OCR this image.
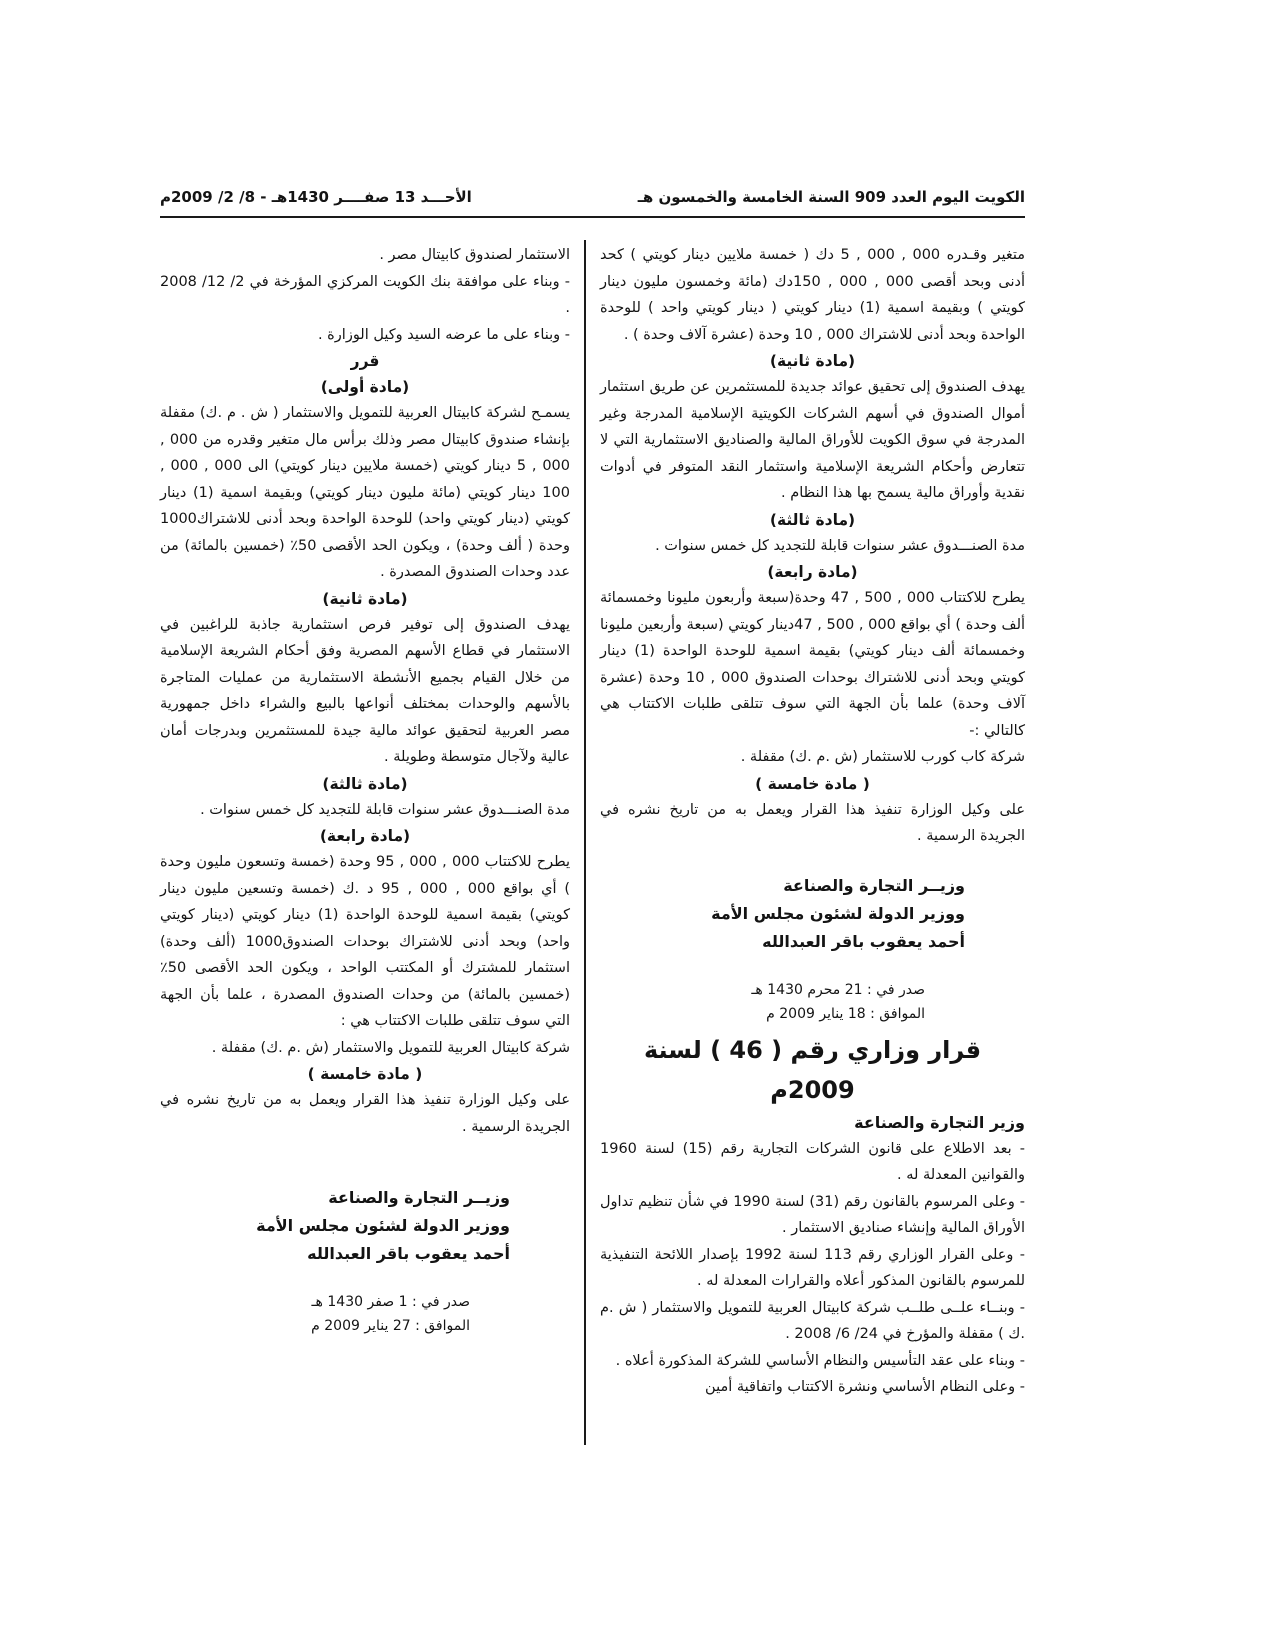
الكويت اليوم العدد 909 السنة الخامسة والخمسون هـ
الأحـــد 13 صفــــر 1430هـ - 8/ 2/ 2009م

متغير وقـدره 000 , 000 , 5 دك ( خمسة ملايين دينار كويتي ) كحد أدنى وبحد أقصى 000 , 000 , 150دك (مائة وخمسون مليون دينار كويتي ) وبقيمة اسمية (1) دينار كويتي ( دينار كويتي واحد ) للوحدة الواحدة وبحد أدنى للاشتراك 000 , 10 وحدة (عشرة آلاف وحدة ) .

(مادة ثانية)

يهدف الصندوق إلى تحقيق عوائد جديدة للمستثمرين عن طريق استثمار أموال الصندوق في أسهم الشركات الكويتية الإسلامية المدرجة وغير المدرجة في سوق الكويت للأوراق المالية والصناديق الاستثمارية التي لا تتعارض وأحكام الشريعة الإسلامية واستثمار النقد المتوفر في أدوات نقدية وأوراق مالية يسمح بها هذا النظام .

(مادة ثالثة)

مدة الصنـــدوق عشر سنوات قابلة للتجديد كل خمس سنوات .

(مادة رابعة)

يطرح للاكتتاب 000 , 500 , 47 وحدة(سبعة وأربعون مليونا وخمسمائة ألف وحدة ) أي بواقع 000 , 500 , 47دينار كويتي (سبعة وأربعين مليونا وخمسمائة ألف دينار كويتي) بقيمة اسمية للوحدة الواحدة (1) دينار كويتي وبحد أدنى للاشتراك بوحدات الصندوق 000 , 10 وحدة (عشرة آلاف وحدة) علما بأن الجهة التي سوف تتلقى طلبات الاكتتاب هي كالتالي :-

شركة كاب كورب للاستثمار (ش .م .ك) مقفلة .

( مادة خامسة )

على وكيل الوزارة تنفيذ هذا القرار ويعمل به من تاريخ نشره في الجريدة الرسمية .

وزيــر التجارة والصناعة

ووزير الدولة لشئون مجلس الأمة

أحمد يعقوب باقر العبدالله

صدر في : 21 محرم 1430 هـ

الموافق : 18 يناير 2009 م

قرار وزاري رقم ( 46 ) لسنة 2009م

وزير التجارة والصناعة

- بعد الاطلاع على قانون الشركات التجارية رقم (15) لسنة 1960 والقوانين المعدلة له .

- وعلى المرسوم بالقانون رقم (31) لسنة 1990 في شأن تنظيم تداول الأوراق المالية وإنشاء صناديق الاستثمار .

- وعلى القرار الوزاري رقم 113 لسنة 1992 بإصدار اللائحة التنفيذية للمرسوم بالقانون المذكور أعلاه والقرارات المعدلة له .

- وبنــاء علــى طلــب شركة كابيتال العربية للتمويل والاستثمار ( ش .م .ك ) مقفلة والمؤرخ في 24/ 6/ 2008 .

- وبناء على عقد التأسيس والنظام الأساسي للشركة المذكورة أعلاه .

- وعلى النظام الأساسي ونشرة الاكتتاب واتفاقية أمين

الاستثمار لصندوق كابيتال مصر .

- وبناء على موافقة بنك الكويت المركزي المؤرخة في 2/ 12/ 2008 .

- وبناء على ما عرضه السيد وكيل الوزارة .

قرر

(مادة أولى)

يسمـح لشركة كابيتال العربية للتمويل والاستثمار ( ش . م .ك) مقفلة بإنشاء صندوق كابيتال مصر وذلك برأس مال متغير وقدره من 000 , 000 , 5 دينار كويتي (خمسة ملايين دينار كويتي) الى 000 , 000 , 100 دينار كويتي (مائة مليون دينار كويتي) وبقيمة اسمية (1) دينار كويتي (دينار كويتي واحد) للوحدة الواحدة وبحد أدنى للاشتراك1000 وحدة ( ألف وحدة) ، ويكون الحد الأقصى 50٪ (خمسين بالمائة) من عدد وحدات الصندوق المصدرة .

(مادة ثانية)

يهدف الصندوق إلى توفير فرص استثمارية جاذبة للراغبين في الاستثمار في قطاع الأسهم المصرية وفق أحكام الشريعة الإسلامية من خلال القيام بجميع الأنشطة الاستثمارية من عمليات المتاجرة بالأسهم والوحدات بمختلف أنواعها بالبيع والشراء داخل جمهورية مصر العربية لتحقيق عوائد مالية جيدة للمستثمرين وبدرجات أمان عالية ولآجال متوسطة وطويلة .

(مادة ثالثة)

مدة الصنـــدوق عشر سنوات قابلة للتجديد كل خمس سنوات .

(مادة رابعة)

يطرح للاكتتاب 000 , 000 , 95 وحدة (خمسة وتسعون مليون وحدة ) أي بواقع 000 , 000 , 95 د .ك (خمسة وتسعين مليون دينار كويتي) بقيمة اسمية للوحدة الواحدة (1) دينار كويتي (دينار كويتي واحد) وبحد أدنى للاشتراك بوحدات الصندوق1000 (ألف وحدة) استثمار للمشترك أو المكتتب الواحد ، ويكون الحد الأقصى 50٪ (خمسين بالمائة) من وحدات الصندوق المصدرة ، علما بأن الجهة التي سوف تتلقى طلبات الاكتتاب هي :

شركة كابيتال العربية للتمويل والاستثمار (ش .م .ك) مقفلة .

( مادة خامسة )

على وكيل الوزارة تنفيذ هذا القرار ويعمل به من تاريخ نشره في الجريدة الرسمية .

وزيــر التجارة والصناعة

ووزير الدولة لشئون مجلس الأمة

أحمد يعقوب باقر العبدالله

صدر في : 1 صفر 1430 هـ

الموافق : 27 يناير 2009 م
